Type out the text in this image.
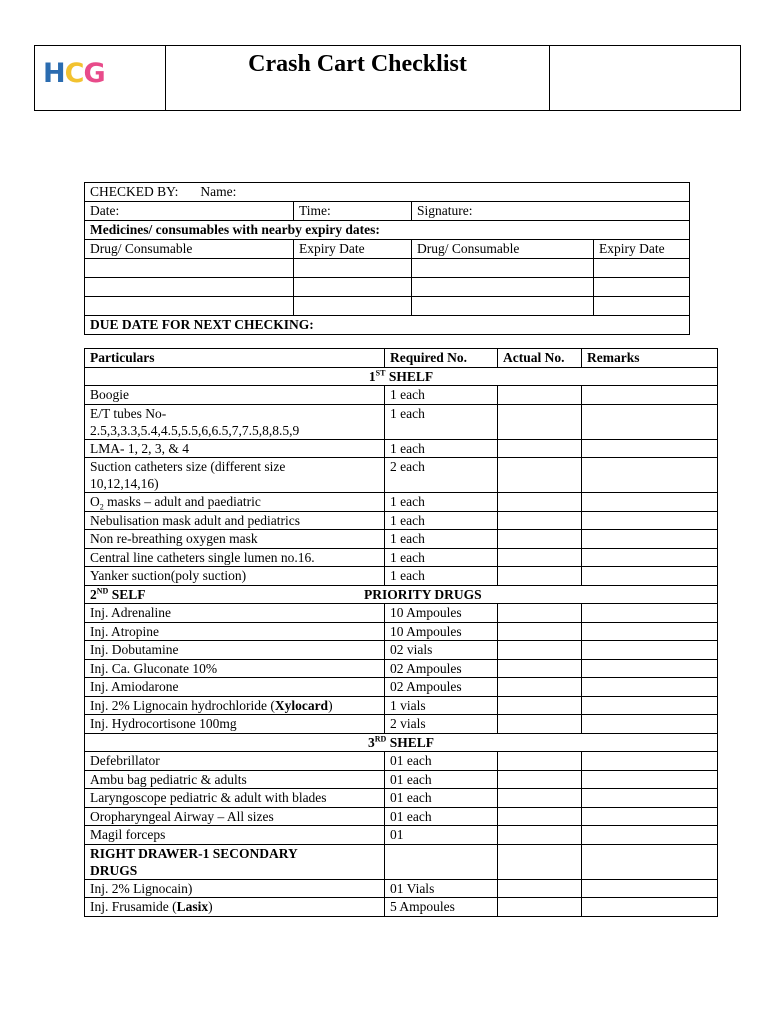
HCG	Crash Cart Checklist
CHECKED BY: Name:			
Date:	Time:	Signature:	
Medicines/ consumables with nearby expiry dates:			
Drug/ Consumable	Expiry Date	Drug/ Consumable	Expiry Date

DUE DATE FOR NEXT CHECKING:			
Particulars	Required No.	Actual No.	Remarks
1ST SHELF			
Boogie	1 each		
E/T tubes No-
2.5,3,3.3,5.4,4.5,5.5,6,6.5,7,7.5,8,8.5,9	1 each		
LMA- 1, 2, 3, & 4	1 each		
Suction catheters size (different size
10,12,14,16)	2 each		
$O_2$ masks – adult and paediatric	1 each		
Nebulisation mask adult and pediatrics	1 each		
Non re-breathing oxygen mask	1 each		
Central line catheters single lumen no.16.	1 each		
Yanker suction(poly suction)	1 each		
2ND SELF PRIORITY DRUGS			

Inj. Adrenaline	10 Ampoules		
Inj. Atropine	10 Ampoules		
Inj. Dobutamine	02 vials		
Inj. Ca. Gluconate 10%	02 Ampoules		
Inj. Amiodarone	02 Ampoules		
Inj. 2% Lignocain hydrochloride (Xylocard)	1 vials		
Inj. Hydrocortisone 100mg	2 vials		
3RD SHELF			
Defebrillator	01 each		
Ambu bag pediatric & adults	01 each		
Laryngoscope pediatric & adult with blades	01 each		
Oropharyngeal Airway – All sizes	01 each		
Magil forceps	01		
RIGHT DRAWER-1 SECONDARY
DRUGS			
Inj. 2% Lignocain)	01 Vials		
Inj. Frusamide (Lasix)	5 Ampoules		
